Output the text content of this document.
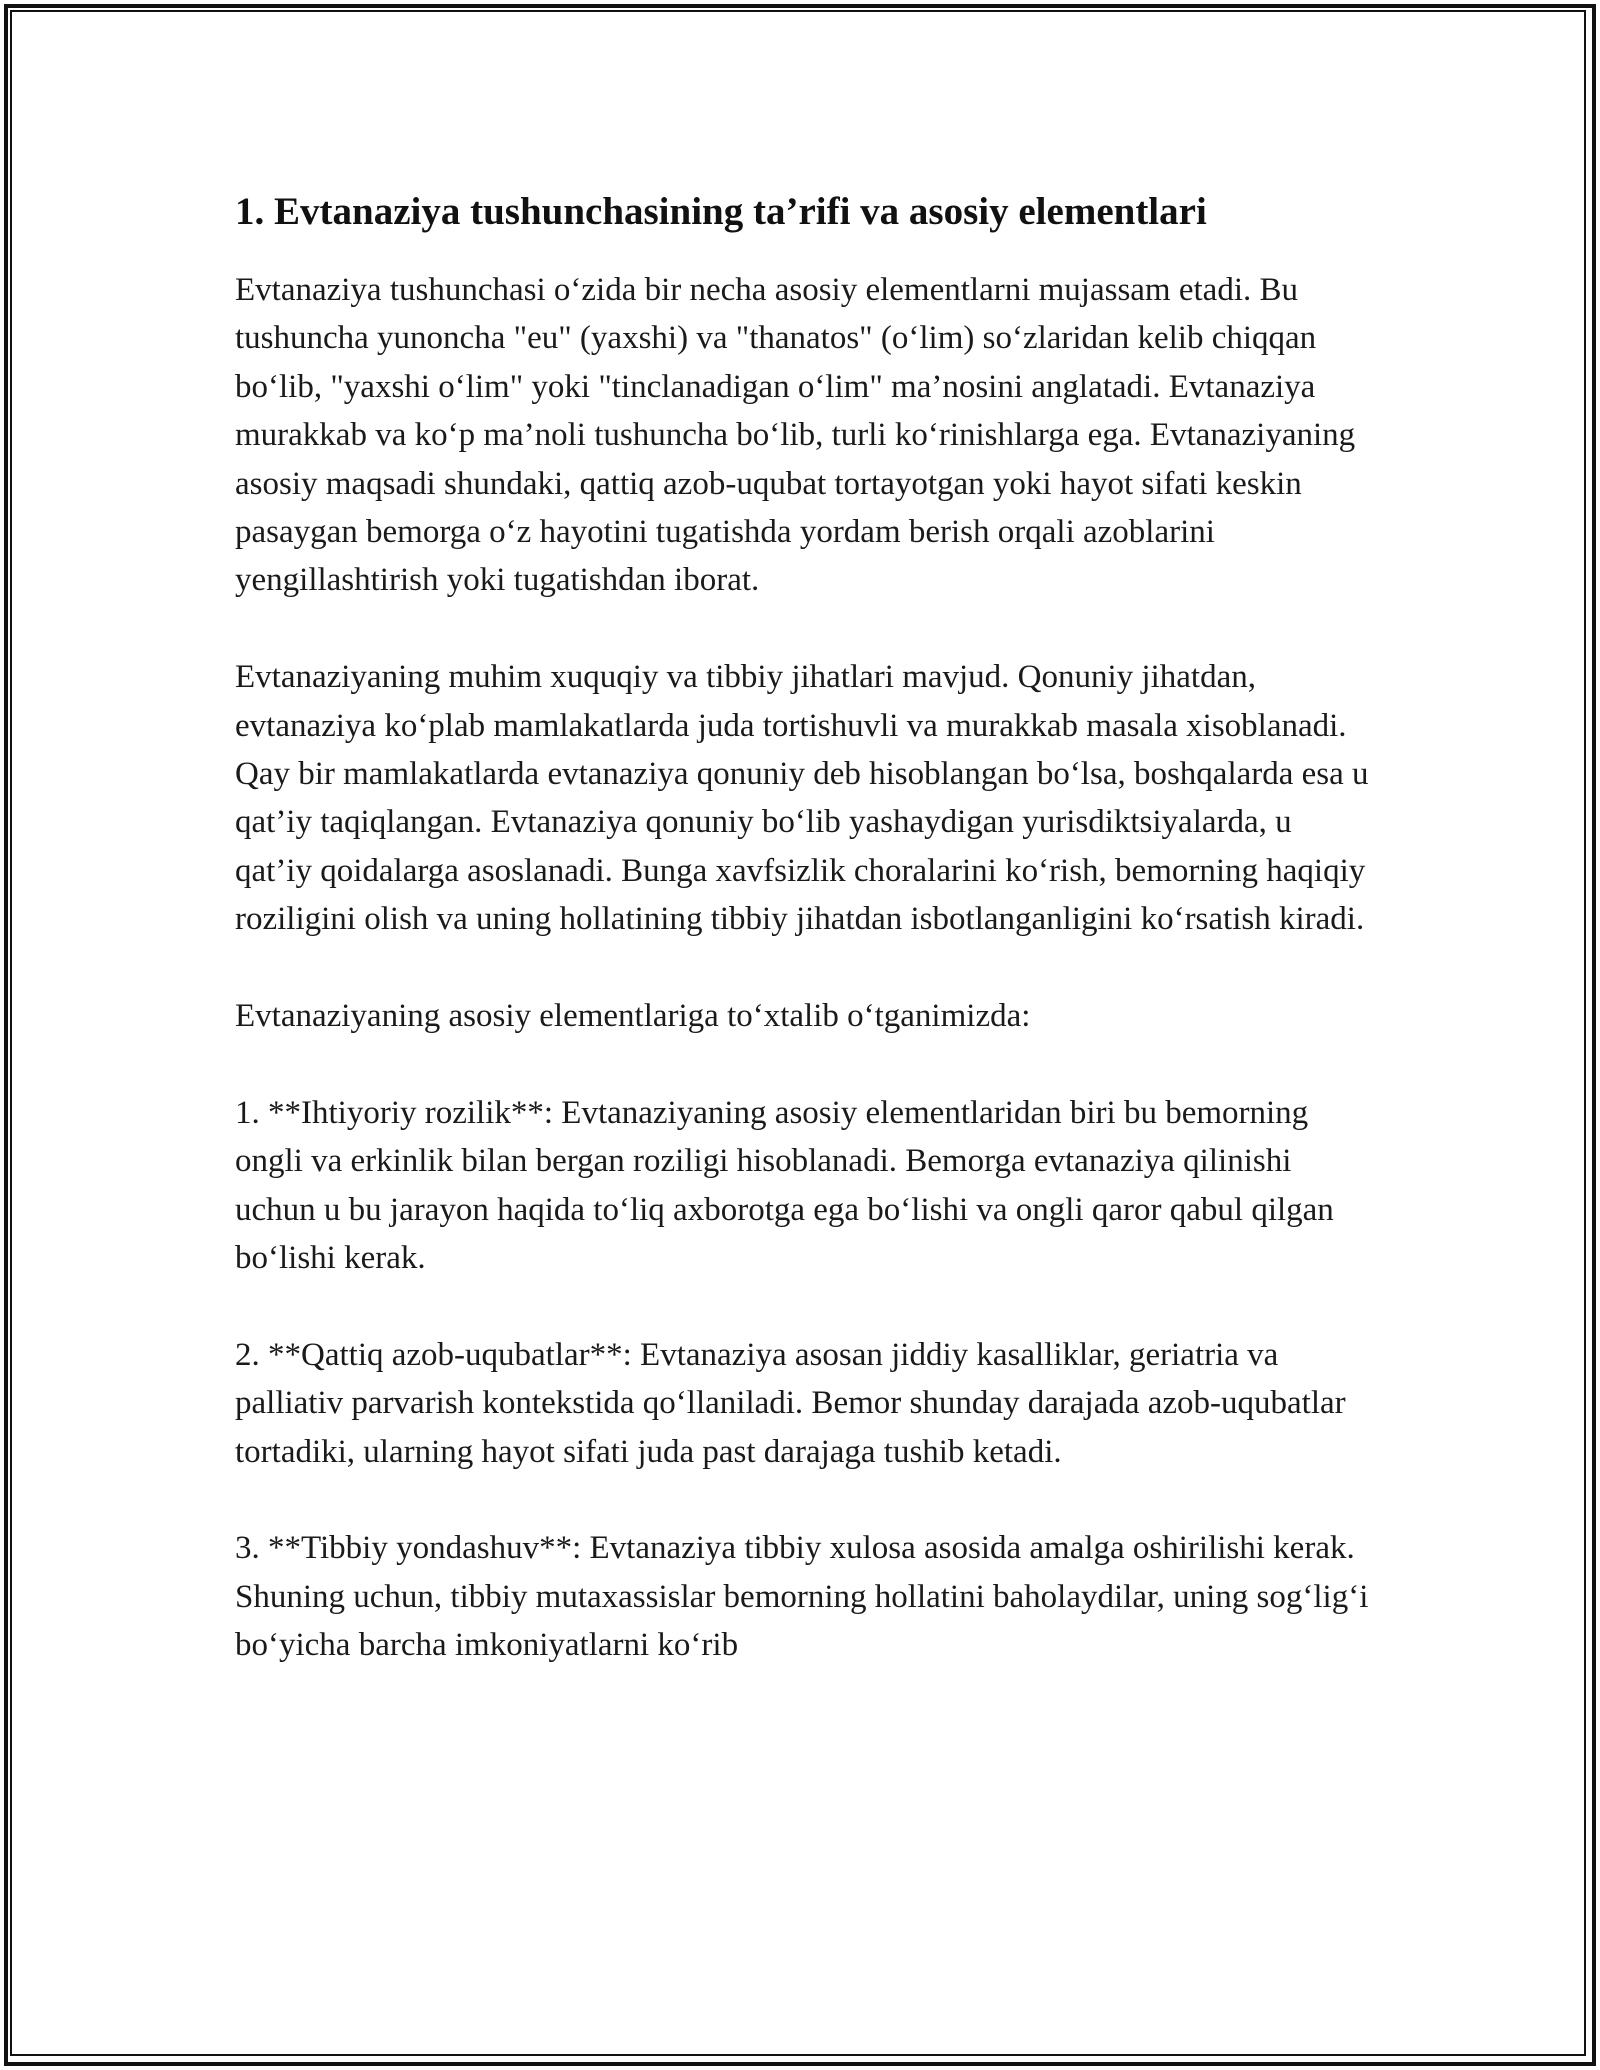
1. Evtanaziya tushunchasining ta’rifi va asosiy elementlari

Evtanaziya tushunchasi o‘zida bir necha asosiy elementlarni mujassam etadi. Bu tushuncha yunoncha "eu" (yaxshi) va "thanatos" (o‘lim) so‘zlaridan kelib chiqqan bo‘lib, "yaxshi o‘lim" yoki "tinclanadigan o‘lim" ma’nosini anglatadi. Evtanaziya murakkab va ko‘p ma’noli tushuncha bo‘lib, turli ko‘rinishlarga ega. Evtanaziyaning asosiy maqsadi shundaki, qattiq azob-uqubat tortayotgan yoki hayot sifati keskin pasaygan bemorga o‘z hayotini tugatishda yordam berish orqali azoblarini yengillashtirish yoki tugatishdan iborat.

Evtanaziyaning muhim xuquqiy va tibbiy jihatlari mavjud. Qonuniy jihatdan, evtanaziya ko‘plab mamlakatlarda juda tortishuvli va murakkab masala xisoblanadi. Qay bir mamlakatlarda evtanaziya qonuniy deb hisoblangan bo‘lsa, boshqalarda esa u qat’iy taqiqlangan. Evtanaziya qonuniy bo‘lib yashaydigan yurisdiktsiyalarda, u qat’iy qoidalarga asoslanadi. Bunga xavfsizlik choralarini ko‘rish, bemorning haqiqiy roziligini olish va uning hollatining tibbiy jihatdan isbotlanganligini ko‘rsatish kiradi.

Evtanaziyaning asosiy elementlariga to‘xtalib o‘tganimizda:

1. **Ihtiyoriy rozilik**: Evtanaziyaning asosiy elementlaridan biri bu bemorning ongli va erkinlik bilan bergan roziligi hisoblanadi. Bemorga evtanaziya qilinishi uchun u bu jarayon haqida to‘liq axborotga ega bo‘lishi va ongli qaror qabul qilgan bo‘lishi kerak.

2. **Qattiq azob-uqubatlar**: Evtanaziya asosan jiddiy kasalliklar, geriatria va palliativ parvarish kontekstida qo‘llaniladi. Bemor shunday darajada azob-uqubatlar tortadiki, ularning hayot sifati juda past darajaga tushib ketadi.

3. **Tibbiy yondashuv**: Evtanaziya tibbiy xulosa asosida amalga oshirilishi kerak. Shuning uchun, tibbiy mutaxassislar bemorning hollatini baholaydilar, uning sog‘lig‘i bo‘yicha barcha imkoniyatlarni ko‘rib
